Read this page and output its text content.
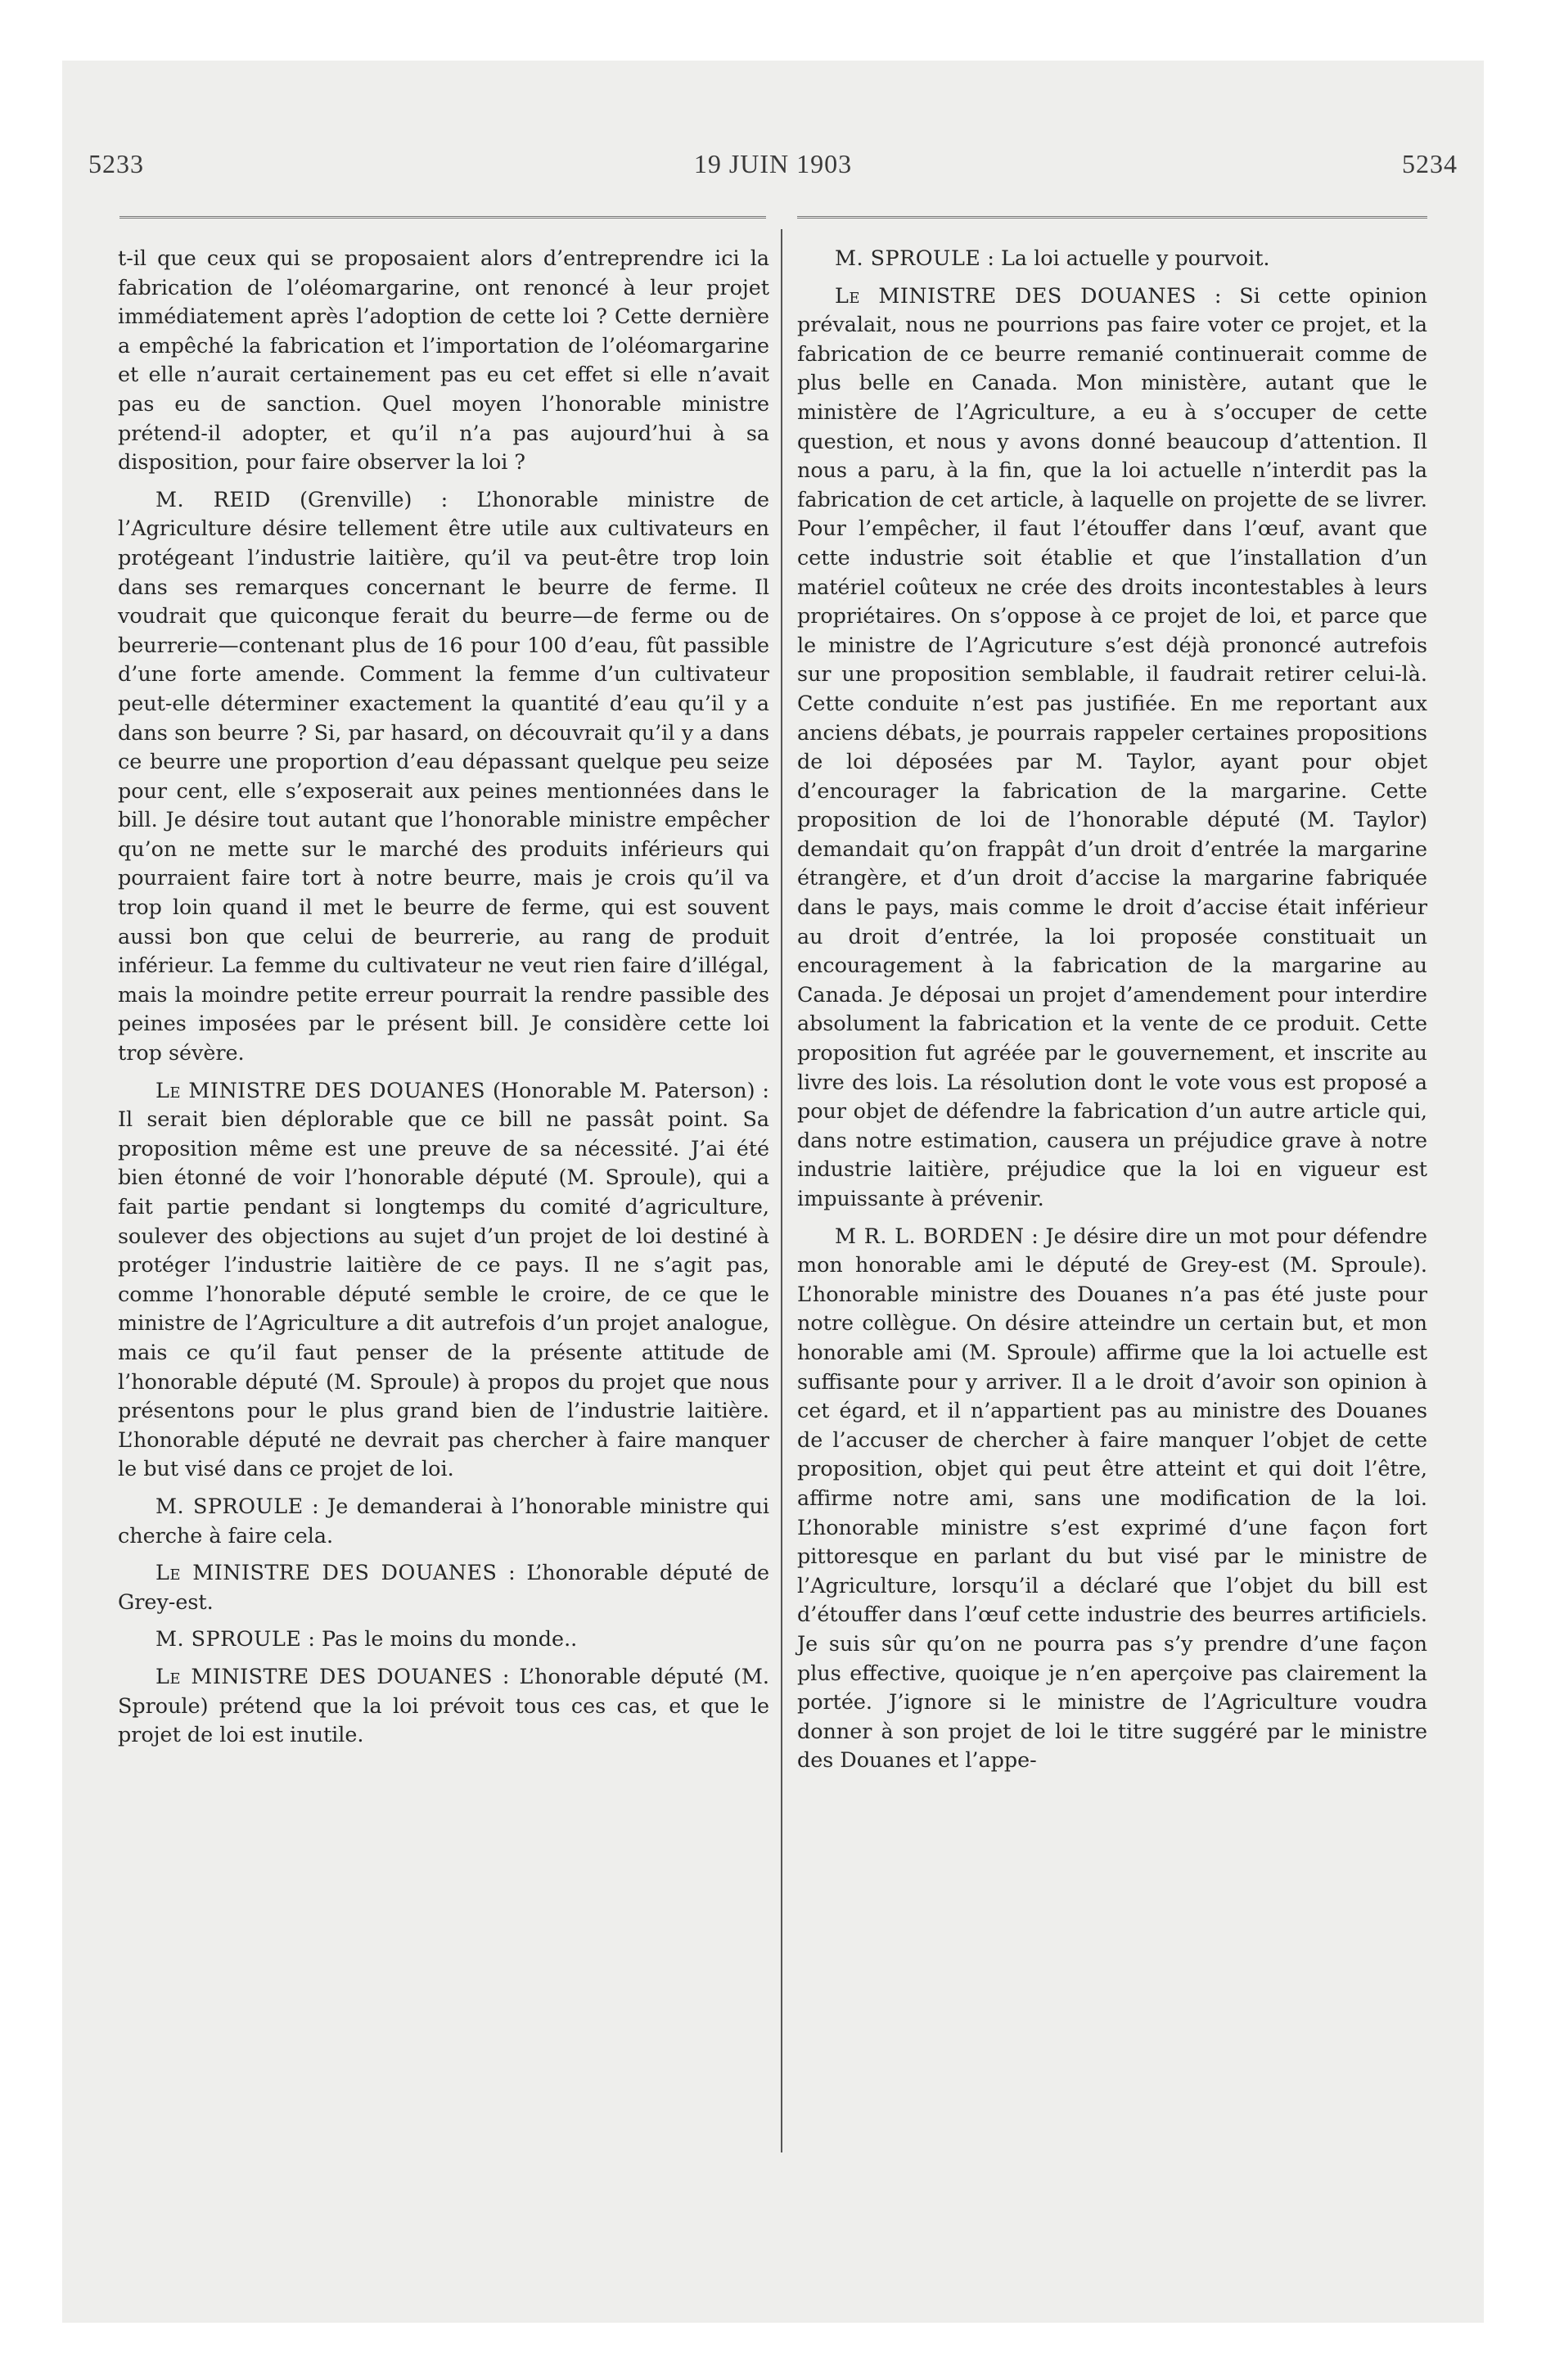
5233	19 JUIN 1903	5234

t-il que ceux qui se proposaient alors d’entreprendre ici la fabrication de l’oléomargarine, ont renoncé à leur projet immédiatement après l’adoption de cette loi ? Cette dernière a empêché la fabrication et l’importation de l’oléomargarine et elle n’aurait certainement pas eu cet effet si elle n’avait pas eu de sanction. Quel moyen l’honorable ministre prétend-il adopter, et qu’il n’a pas aujourd’hui à sa disposition, pour faire observer la loi ?

M. REID (Grenville) : L’honorable ministre de l’Agriculture désire tellement être utile aux cultivateurs en protégeant l’industrie laitière, qu’il va peut-être trop loin dans ses remarques concernant le beurre de ferme. Il voudrait que quiconque ferait du beurre—de ferme ou de beurrerie—contenant plus de 16 pour 100 d’eau, fût passible d’une forte amende. Comment la femme d’un cultivateur peut-elle déterminer exactement la quantité d’eau qu’il y a dans son beurre ? Si, par hasard, on découvrait qu’il y a dans ce beurre une proportion d’eau dépassant quelque peu seize pour cent, elle s’exposerait aux peines mentionnées dans le bill. Je désire tout autant que l’honorable ministre empêcher qu’on ne mette sur le marché des produits inférieurs qui pourraient faire tort à notre beurre, mais je crois qu’il va trop loin quand il met le beurre de ferme, qui est souvent aussi bon que celui de beurrerie, au rang de produit inférieur. La femme du cultivateur ne veut rien faire d’illégal, mais la moindre petite erreur pourrait la rendre passible des peines imposées par le présent bill. Je considère cette loi trop sévère.

Le MINISTRE DES DOUANES (Honorable M. Paterson) : Il serait bien déplorable que ce bill ne passât point. Sa proposition même est une preuve de sa nécessité. J’ai été bien étonné de voir l’honorable député (M. Sproule), qui a fait partie pendant si longtemps du comité d’agriculture, soulever des objections au sujet d’un projet de loi destiné à protéger l’industrie laitière de ce pays. Il ne s’agit pas, comme l’honorable député semble le croire, de ce que le ministre de l’Agriculture a dit autrefois d’un projet analogue, mais ce qu’il faut penser de la présente attitude de l’honorable député (M. Sproule) à propos du projet que nous présentons pour le plus grand bien de l’industrie laitière. L’honorable député ne devrait pas chercher à faire manquer le but visé dans ce projet de loi.

M. SPROULE : Je demanderai à l’honorable ministre qui cherche à faire cela.

Le MINISTRE DES DOUANES : L’honorable député de Grey-est.

M. SPROULE : Pas le moins du monde..

Le MINISTRE DES DOUANES : L’honorable député (M. Sproule) prétend que la loi prévoit tous ces cas, et que le projet de loi est inutile.

M. SPROULE : La loi actuelle y pourvoit.

Le MINISTRE DES DOUANES : Si cette opinion prévalait, nous ne pourrions pas faire voter ce projet, et la fabrication de ce beurre remanié continuerait comme de plus belle en Canada. Mon ministère, autant que le ministère de l’Agriculture, a eu à s’occuper de cette question, et nous y avons donné beaucoup d’attention. Il nous a paru, à la fin, que la loi actuelle n’interdit pas la fabrication de cet article, à laquelle on projette de se livrer. Pour l’empêcher, il faut l’étouffer dans l’œuf, avant que cette industrie soit établie et que l’installation d’un matériel coûteux ne crée des droits incontestables à leurs propriétaires. On s’oppose à ce projet de loi, et parce que le ministre de l’Agricuture s’est déjà prononcé autrefois sur une proposition semblable, il faudrait retirer celui-là. Cette conduite n’est pas justifiée. En me reportant aux anciens débats, je pourrais rappeler certaines propositions de loi déposées par M. Taylor, ayant pour objet d’encourager la fabrication de la margarine. Cette proposition de loi de l’honorable député (M. Taylor) demandait qu’on frappât d’un droit d’entrée la margarine étrangère, et d’un droit d’accise la margarine fabriquée dans le pays, mais comme le droit d’accise était inférieur au droit d’entrée, la loi proposée constituait un encouragement à la fabrication de la margarine au Canada. Je déposai un projet d’amendement pour interdire absolument la fabrication et la vente de ce produit. Cette proposition fut agréée par le gouvernement, et inscrite au livre des lois. La résolution dont le vote vous est proposé a pour objet de défendre la fabrication d’un autre article qui, dans notre estimation, causera un préjudice grave à notre industrie laitière, préjudice que la loi en vigueur est impuissante à prévenir.

M R. L. BORDEN : Je désire dire un mot pour défendre mon honorable ami le député de Grey-est (M. Sproule). L’honorable ministre des Douanes n’a pas été juste pour notre collègue. On désire atteindre un certain but, et mon honorable ami (M. Sproule) affirme que la loi actuelle est suffisante pour y arriver. Il a le droit d’avoir son opinion à cet égard, et il n’appartient pas au ministre des Douanes de l’accuser de chercher à faire manquer l’objet de cette proposition, objet qui peut être atteint et qui doit l’être, affirme notre ami, sans une modification de la loi. L’honorable ministre s’est exprimé d’une façon fort pittoresque en parlant du but visé par le ministre de l’Agriculture, lorsqu’il a déclaré que l’objet du bill est d’étouffer dans l’œuf cette industrie des beurres artificiels. Je suis sûr qu’on ne pourra pas s’y prendre d’une façon plus effective, quoique je n’en aperçoive pas clairement la portée. J’ignore si le ministre de l’Agriculture voudra donner à son projet de loi le titre suggéré par le ministre des Douanes et l’appe-
